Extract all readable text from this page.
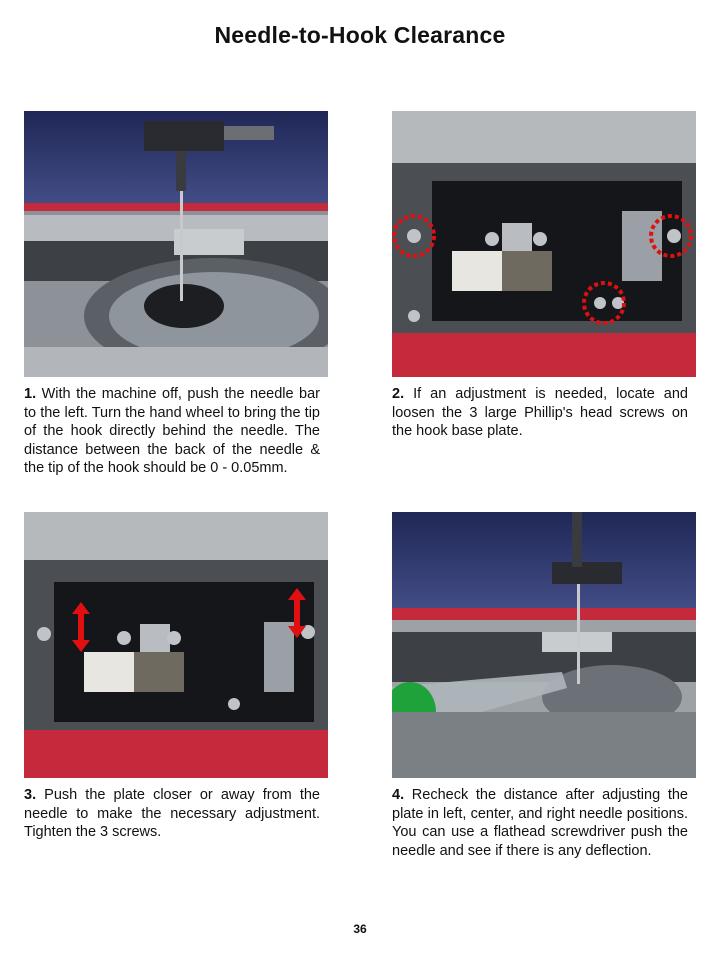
Needle-to-Hook Clearance
1. With the machine off, push the needle bar to the left. Turn the hand wheel to bring the tip of the hook directly behind the needle. The distance between the back of the needle & the tip of the hook should be 0 - 0.05mm.
2. If an adjustment is needed, locate and loosen the 3 large Phillip's head screws on the hook base plate.
3. Push the plate closer or away from the needle to make the necessary adjustment. Tighten the 3 screws.
4. Recheck the distance after adjusting the plate in left, center, and right needle positions. You can use a flathead screwdriver push the needle and see if there is any deflection.
36
